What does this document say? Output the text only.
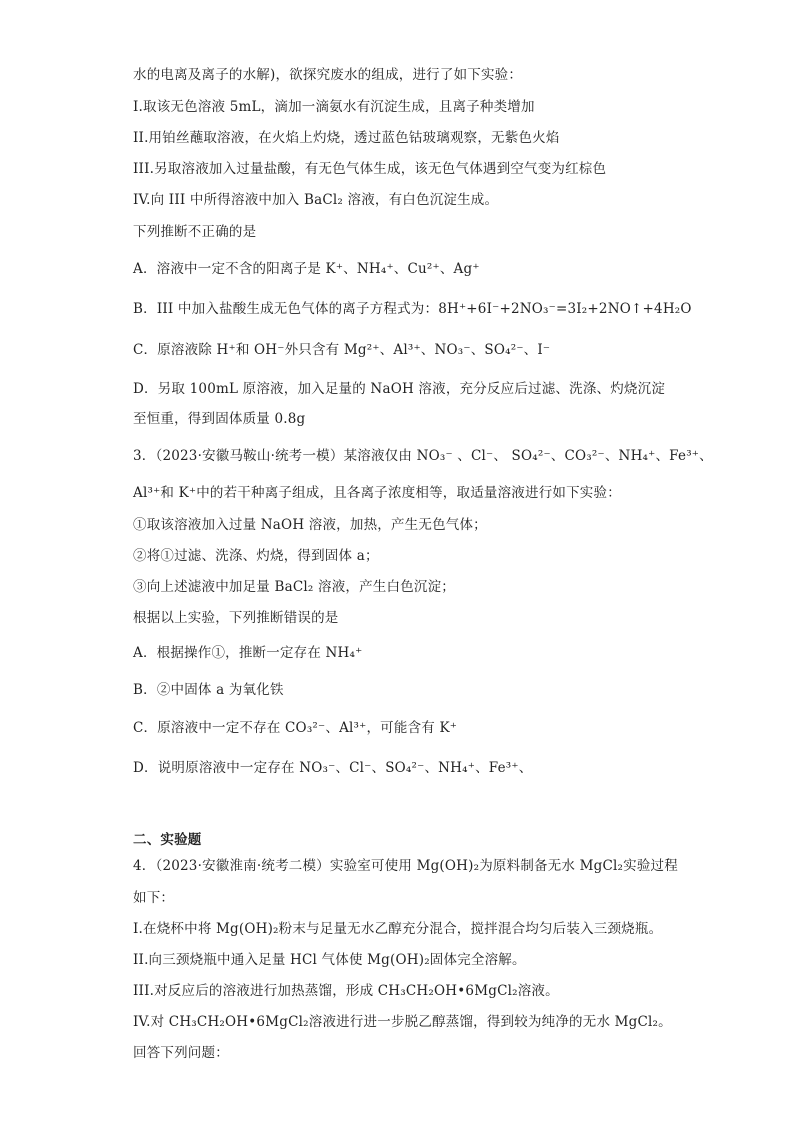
水的电离及离子的水解)，欲探究废水的组成，进行了如下实验：
I.取该无色溶液 5mL，滴加一滴氨水有沉淀生成，且离子种类增加
II.用铂丝蘸取溶液，在火焰上灼烧，透过蓝色钴玻璃观察，无紫色火焰
III.另取溶液加入过量盐酸，有无色气体生成，该无色气体遇到空气变为红棕色
IV.向 III 中所得溶液中加入 BaCl₂ 溶液，有白色沉淀生成。
下列推断不正确的是
A．溶液中一定不含的阳离子是 K⁺、NH₄⁺、Cu²⁺、Ag⁺
B．III 中加入盐酸生成无色气体的离子方程式为：8H⁺+6I⁻+2NO₃⁻=3I₂+2NO↑+4H₂O
C．原溶液除 H⁺和 OH⁻外只含有 Mg²⁺、Al³⁺、NO₃⁻、SO₄²⁻、I⁻
D．另取 100mL 原溶液，加入足量的 NaOH 溶液，充分反应后过滤、洗涤、灼烧沉淀
至恒重，得到固体质量 0.8g
3．（2023·安徽马鞍山·统考一模）某溶液仅由 NO₃⁻ 、Cl⁻、 SO₄²⁻、CO₃²⁻、NH₄⁺、Fe³⁺、
Al³⁺和 K⁺中的若干种离子组成，且各离子浓度相等，取适量溶液进行如下实验：
①取该溶液加入过量 NaOH 溶液，加热，产生无色气体；
②将①过滤、洗涤、灼烧，得到固体 a；
③向上述滤液中加足量 BaCl₂ 溶液，产生白色沉淀；
根据以上实验，下列推断错误的是
A．根据操作①，推断一定存在 NH₄⁺
B．②中固体 a 为氧化铁
C．原溶液中一定不存在 CO₃²⁻、Al³⁺，可能含有 K⁺
D．说明原溶液中一定存在 NO₃⁻、Cl⁻、SO₄²⁻、NH₄⁺、Fe³⁺、
二、实验题
4．（2023·安徽淮南·统考二模）实验室可使用 Mg(OH)₂为原料制备无水 MgCl₂实验过程
如下：
I.在烧杯中将 Mg(OH)₂粉末与足量无水乙醇充分混合，搅拌混合均匀后装入三颈烧瓶。
II.向三颈烧瓶中通入足量 HCl 气体使 Mg(OH)₂固体完全溶解。
III.对反应后的溶液进行加热蒸馏，形成 CH₃CH₂OH•6MgCl₂溶液。
IV.对 CH₃CH₂OH•6MgCl₂溶液进行进一步脱乙醇蒸馏，得到较为纯净的无水 MgCl₂。
回答下列问题：
